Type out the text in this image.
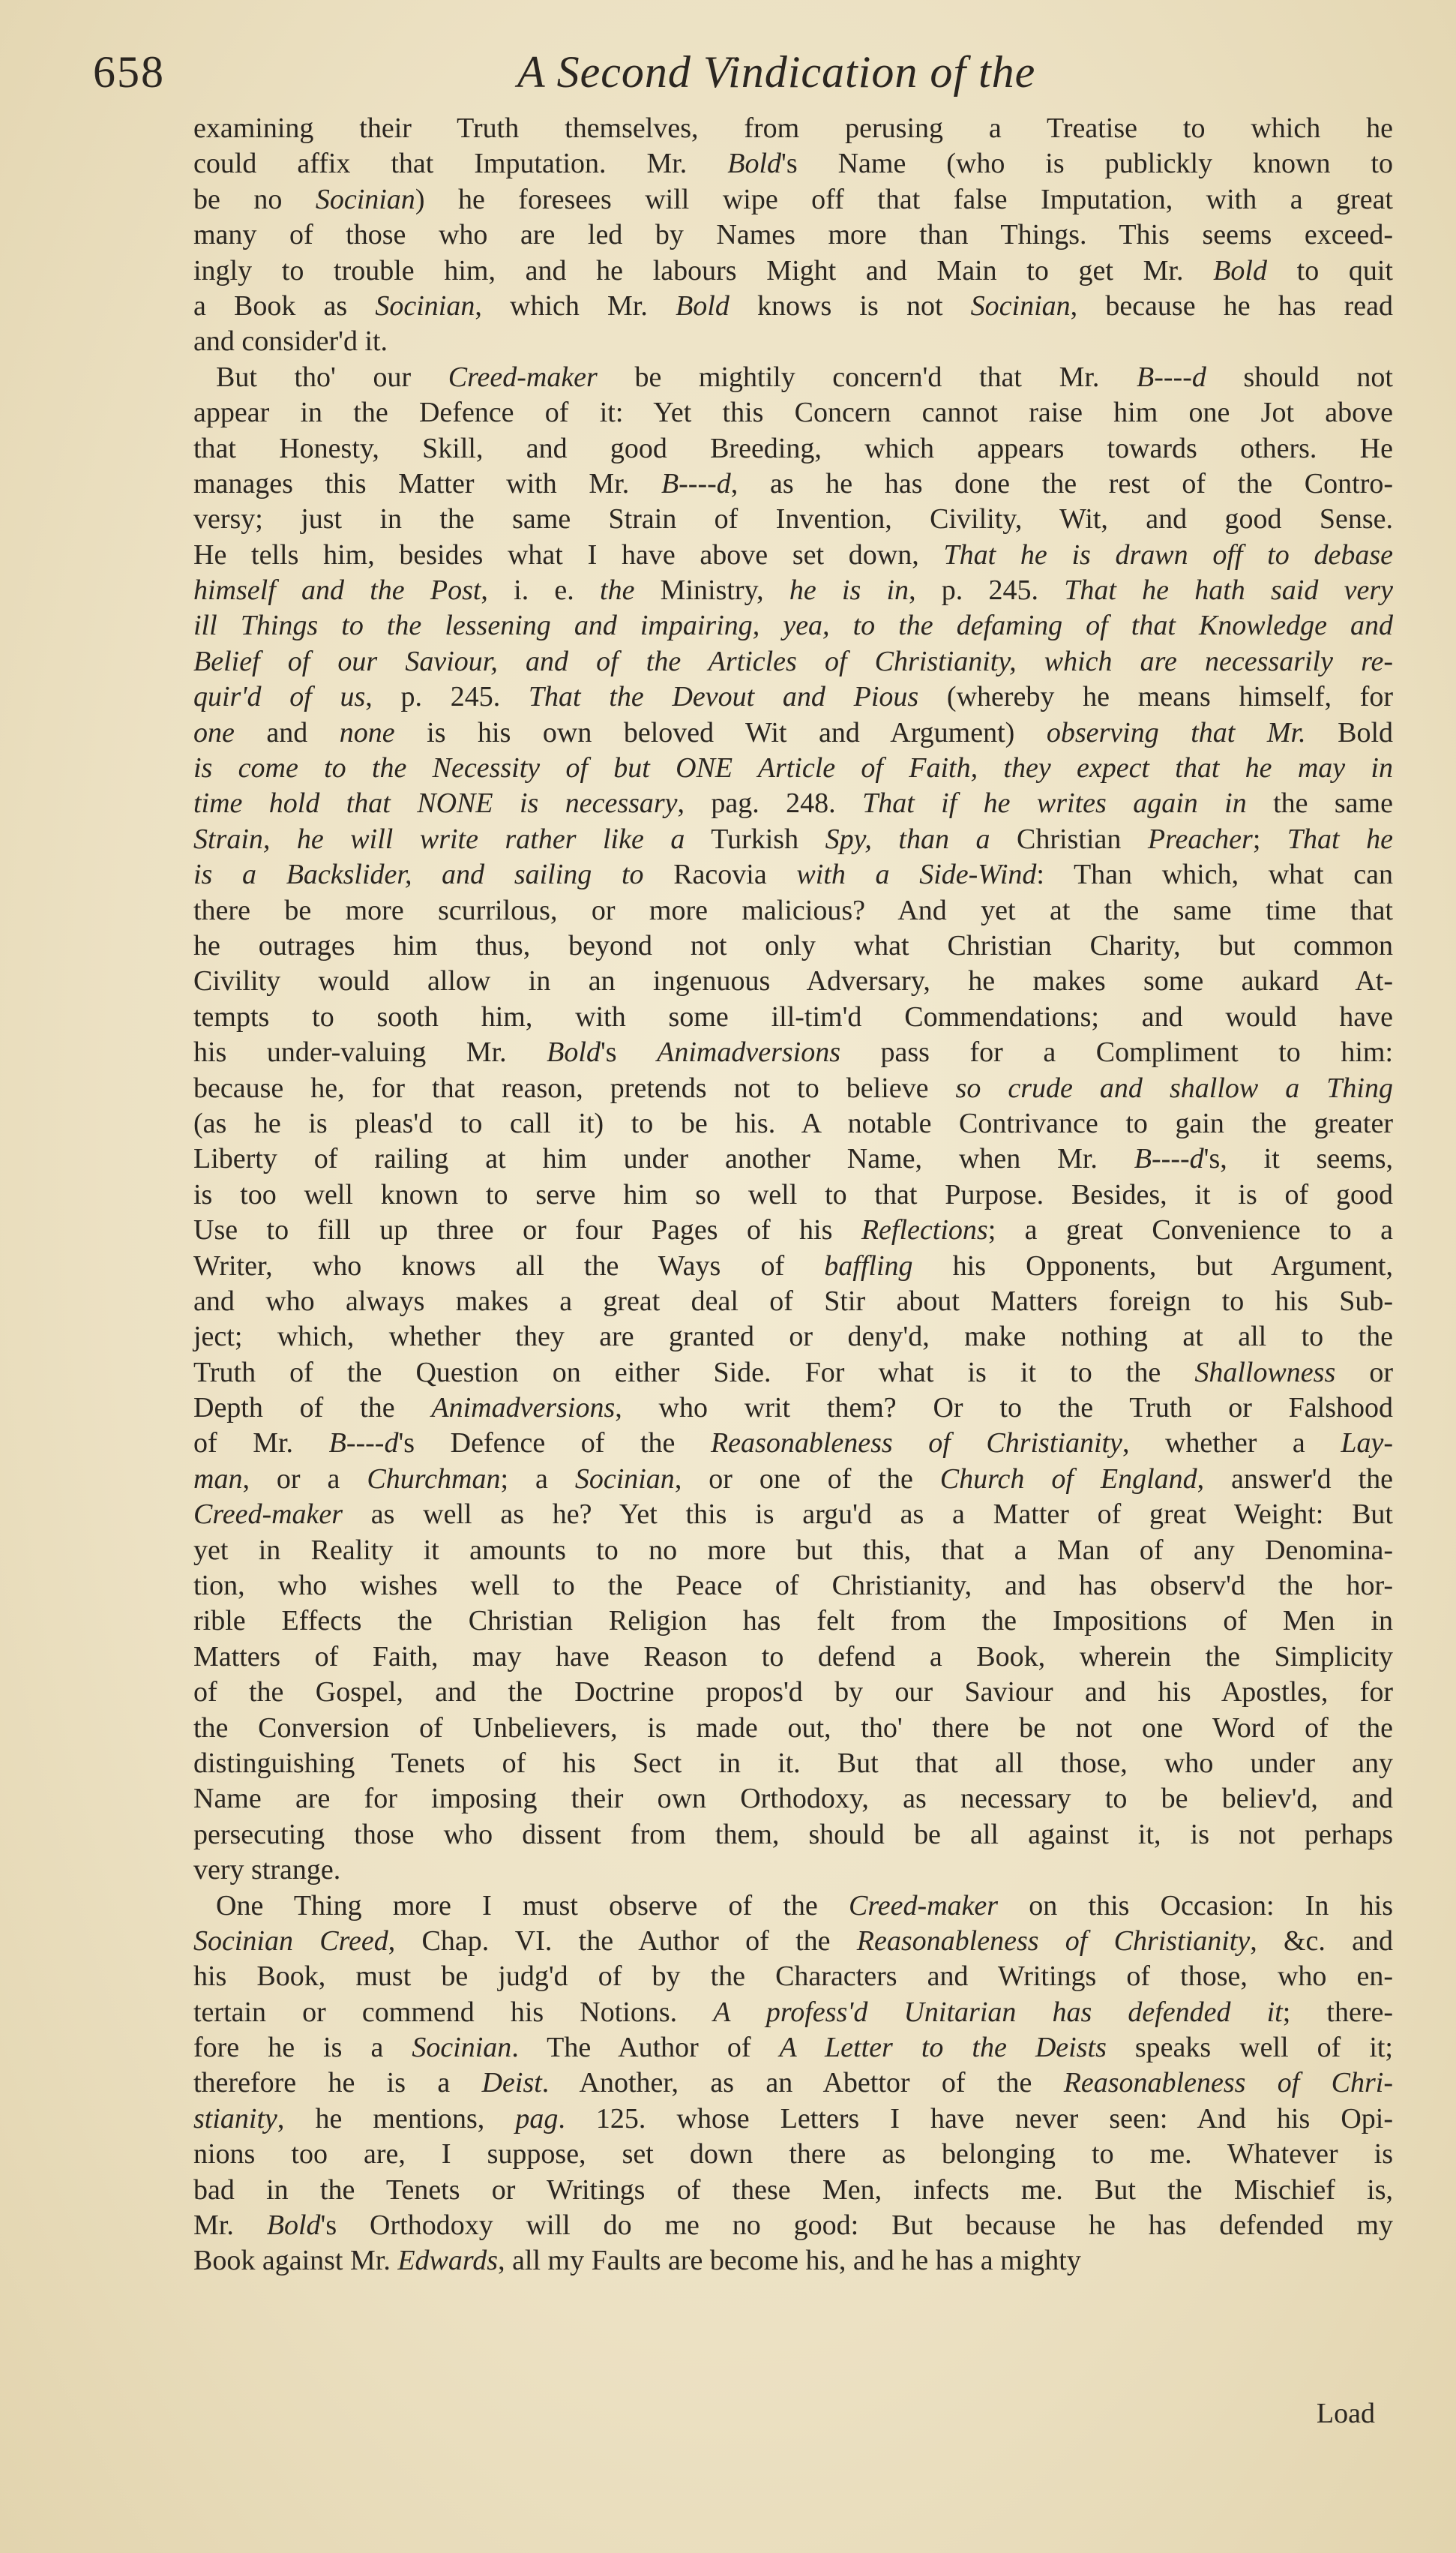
658	A Second Vindication of the
examining their Truth themselves, from perusing a Treatise to which he
could affix that Imputation. Mr. Bold's Name (who is publickly known to
be no Socinian) he foresees will wipe off that false Imputation, with a great
many of those who are led by Names more than Things. This seems exceed-
ingly to trouble him, and he labours Might and Main to get Mr. Bold to quit
a Book as Socinian, which Mr. Bold knows is not Socinian, because he has read
and consider'd it.
But tho' our Creed-maker be mightily concern'd that Mr. B----d should not
appear in the Defence of it: Yet this Concern cannot raise him one Jot above
that Honesty, Skill, and good Breeding, which appears towards others. He
manages this Matter with Mr. B----d, as he has done the rest of the Contro-
versy; just in the same Strain of Invention, Civility, Wit, and good Sense.
He tells him, besides what I have above set down, That he is drawn off to debase
himself and the Post, i. e. the Ministry, he is in, p. 245. That he hath said very
ill Things to the lessening and impairing, yea, to the defaming of that Knowledge and
Belief of our Saviour, and of the Articles of Christianity, which are necessarily re-
quir'd of us, p. 245. That the Devout and Pious (whereby he means himself, for
one and none is his own beloved Wit and Argument) observing that Mr. Bold
is come to the Necessity of but ONE Article of Faith, they expect that he may in
time hold that NONE is necessary, pag. 248. That if he writes again in the same
Strain, he will write rather like a Turkish Spy, than a Christian Preacher; That he
is a Backslider, and sailing to Racovia with a Side-Wind: Than which, what can
there be more scurrilous, or more malicious? And yet at the same time that
he outrages him thus, beyond not only what Christian Charity, but common
Civility would allow in an ingenuous Adversary, he makes some aukard At-
tempts to sooth him, with some ill-tim'd Commendations; and would have
his under-valuing Mr. Bold's Animadversions pass for a Compliment to him:
because he, for that reason, pretends not to believe so crude and shallow a Thing
(as he is pleas'd to call it) to be his. A notable Contrivance to gain the greater
Liberty of railing at him under another Name, when Mr. B----d's, it seems,
is too well known to serve him so well to that Purpose. Besides, it is of good
Use to fill up three or four Pages of his Reflections; a great Convenience to a
Writer, who knows all the Ways of baffling his Opponents, but Argument,
and who always makes a great deal of Stir about Matters foreign to his Sub-
ject; which, whether they are granted or deny'd, make nothing at all to the
Truth of the Question on either Side. For what is it to the Shallowness or
Depth of the Animadversions, who writ them? Or to the Truth or Falshood
of Mr. B----d's Defence of the Reasonableness of Christianity, whether a Lay-
man, or a Churchman; a Socinian, or one of the Church of England, answer'd the
Creed-maker as well as he? Yet this is argu'd as a Matter of great Weight: But
yet in Reality it amounts to no more but this, that a Man of any Denomina-
tion, who wishes well to the Peace of Christianity, and has observ'd the hor-
rible Effects the Christian Religion has felt from the Impositions of Men in
Matters of Faith, may have Reason to defend a Book, wherein the Simplicity
of the Gospel, and the Doctrine propos'd by our Saviour and his Apostles, for
the Conversion of Unbelievers, is made out, tho' there be not one Word of the
distinguishing Tenets of his Sect in it. But that all those, who under any
Name are for imposing their own Orthodoxy, as necessary to be believ'd, and
persecuting those who dissent from them, should be all against it, is not perhaps
very strange.
One Thing more I must observe of the Creed-maker on this Occasion: In his
Socinian Creed, Chap. VI. the Author of the Reasonableness of Christianity, &c. and
his Book, must be judg'd of by the Characters and Writings of those, who en-
tertain or commend his Notions. A profess'd Unitarian has defended it; there-
fore he is a Socinian. The Author of A Letter to the Deists speaks well of it;
therefore he is a Deist. Another, as an Abettor of the Reasonableness of Chri-
stianity, he mentions, pag. 125. whose Letters I have never seen: And his Opi-
nions too are, I suppose, set down there as belonging to me. Whatever is
bad in the Tenets or Writings of these Men, infects me. But the Mischief is,
Mr. Bold's Orthodoxy will do me no good: But because he has defended my
Book against Mr. Edwards, all my Faults are become his, and he has a mighty
Load
